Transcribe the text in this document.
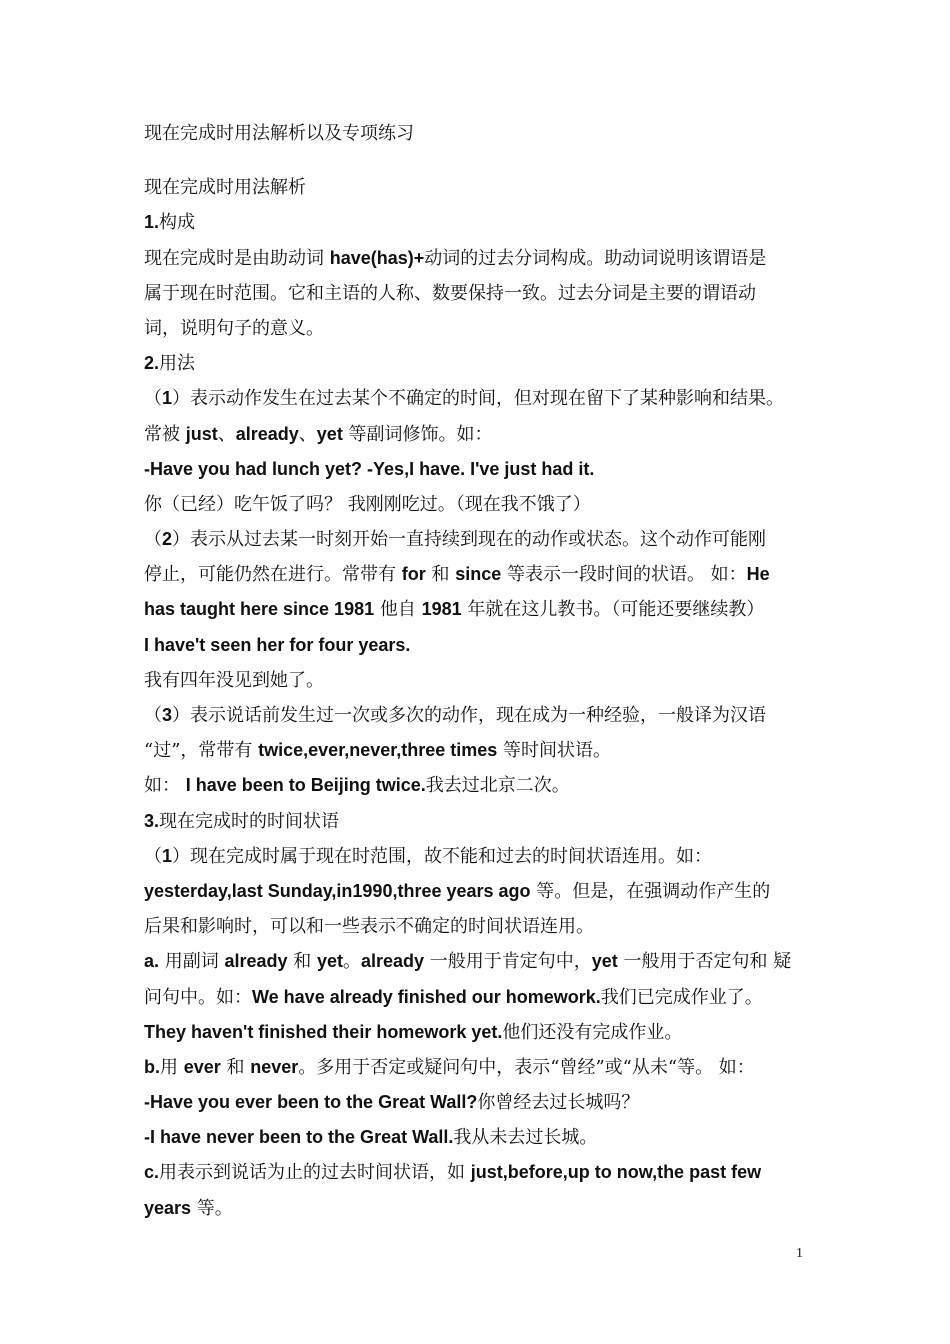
现在完成时用法解析以及专项练习
现在完成时用法解析
1.构成
现在完成时是由助动词 have(has)+动词的过去分词构成。助动词说明该谓语是
属于现在时范围。它和主语的人称、数要保持一致。过去分词是主要的谓语动
词，说明句子的意义。
2.用法
（1）表示动作发生在过去某个不确定的时间，但对现在留下了某种影响和结果。
常被 just、already、yet 等副词修饰。如：
-Have you had lunch yet? -Yes,I have. I've just had it.
你（已经）吃午饭了吗？ 我刚刚吃过。（现在我不饿了）
（2）表示从过去某一时刻开始一直持续到现在的动作或状态。这个动作可能刚
停止，可能仍然在进行。常带有 for 和 since 等表示一段时间的状语。 如：He
has taught here since 1981 他自 1981 年就在这儿教书。（可能还要继续教）
I have't seen her for four years.
我有四年没见到她了。
（3）表示说话前发生过一次或多次的动作，现在成为一种经验，一般译为汉语
“过”，常带有 twice,ever,never,three times 等时间状语。
如： I have been to Beijing twice.我去过北京二次。
3.现在完成时的时间状语
（1）现在完成时属于现在时范围，故不能和过去的时间状语连用。如：
yesterday,last Sunday,in1990,three years ago 等。但是，在强调动作产生的
后果和影响时，可以和一些表示不确定的时间状语连用。
a. 用副词 already 和 yet。already 一般用于肯定句中，yet 一般用于否定句和 疑
问句中。如：We have already finished our homework.我们已完成作业了。
They haven't finished their homework yet.他们还没有完成作业。
b.用 ever 和 never。多用于否定或疑问句中，表示“曾经”或“从未“等。 如：
-Have you ever been to the Great Wall?你曾经去过长城吗？
-I have never been to the Great Wall.我从未去过长城。
c.用表示到说话为止的过去时间状语，如 just,before,up to now,the past few
years 等。
1
